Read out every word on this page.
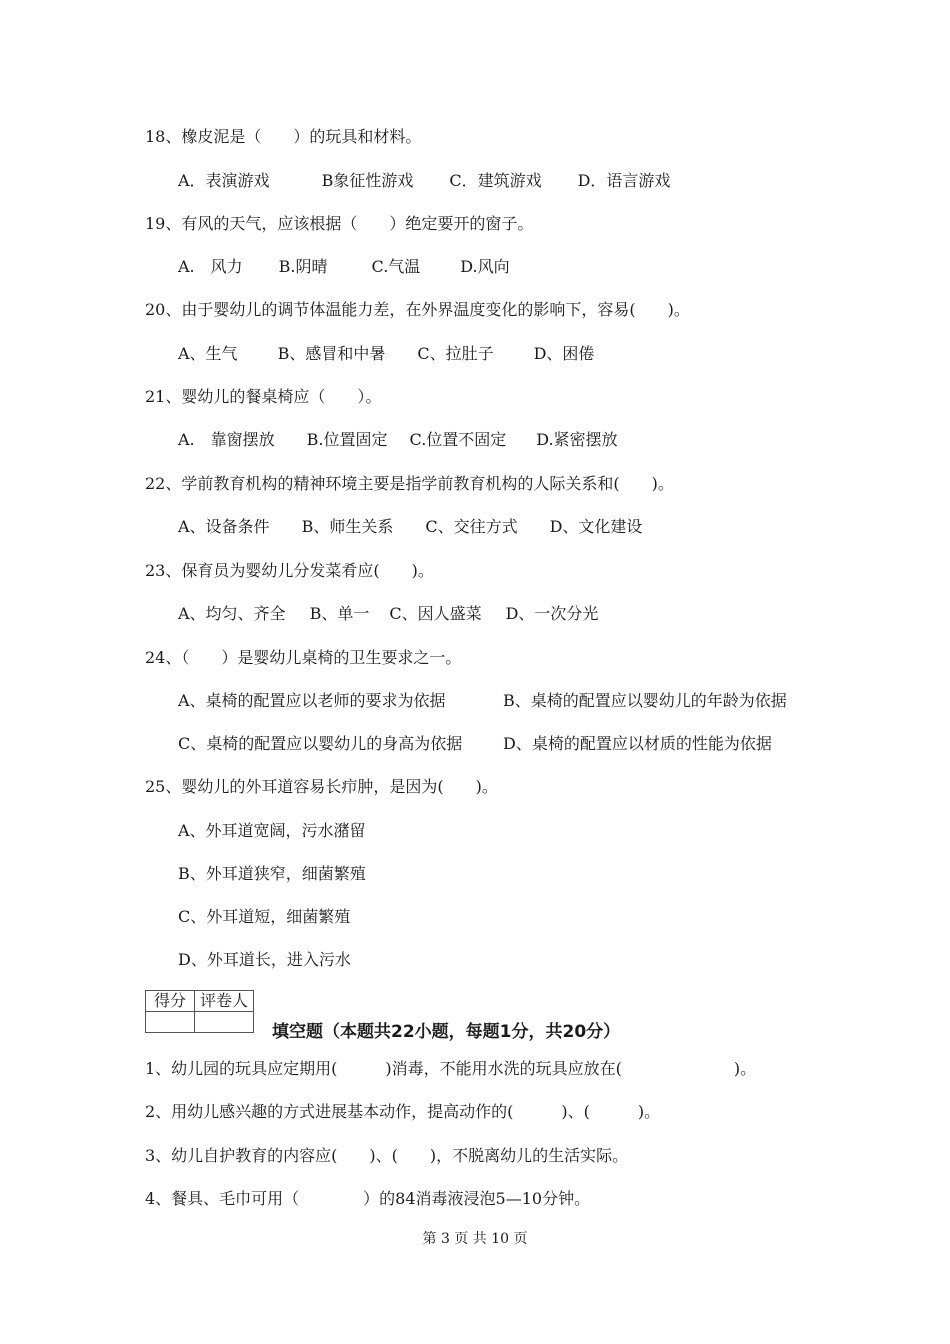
18、橡皮泥是（　　）的玩具和材料。
A．表演游戏	B象征性游戏 C．建筑游戏 D．语言游戏
19、有风的天气，应该根据（　　）绝定要开的窗子。
A.　风力 B.阴晴	C.气温	D.风向
20、由于婴幼儿的调节体温能力差，在外界温度变化的影响下，容易(　　)。
A、生气	B、感冒和中暑 C、拉肚子	D、困倦
21、婴幼儿的餐桌椅应（　　）。
A.　靠窗摆放 B.位置固定 C.位置不固定 D.紧密摆放
22、学前教育机构的精神环境主要是指学前教育机构的人际关系和(　　)。
A、设备条件 B、师生关系 C、交往方式 D、文化建设
23、保育员为婴幼儿分发菜肴应(　　)。
A、均匀、齐全 B、单一 C、因人盛菜 D、一次分光
24、（　　）是婴幼儿桌椅的卫生要求之一。
A、桌椅的配置应以老师的要求为依据	B、桌椅的配置应以婴幼儿的年龄为依据
C、桌椅的配置应以婴幼儿的身高为依据	D、桌椅的配置应以材质的性能为依据
25、婴幼儿的外耳道容易长疖肿，是因为(　　)。
A、外耳道宽阔，污水潴留
B、外耳道狭窄，细菌繁殖
C、外耳道短，细菌繁殖
D、外耳道长，进入污水
得分	评卷人

填空题（本题共22小题，每题1分，共20分）
1、幼儿园的玩具应定期用(　　　)消毒，不能用水洗的玩具应放在(　　　　　　　)。
2、用幼儿感兴趣的方式进展基本动作，提高动作的(　　　)、(　　　)。
3、幼儿自护教育的内容应(　　)、(　　)，不脱离幼儿的生活实际。
4、餐具、毛巾可用（　　　　）的84消毒液浸泡5—10分钟。
第 3 页 共 10 页
